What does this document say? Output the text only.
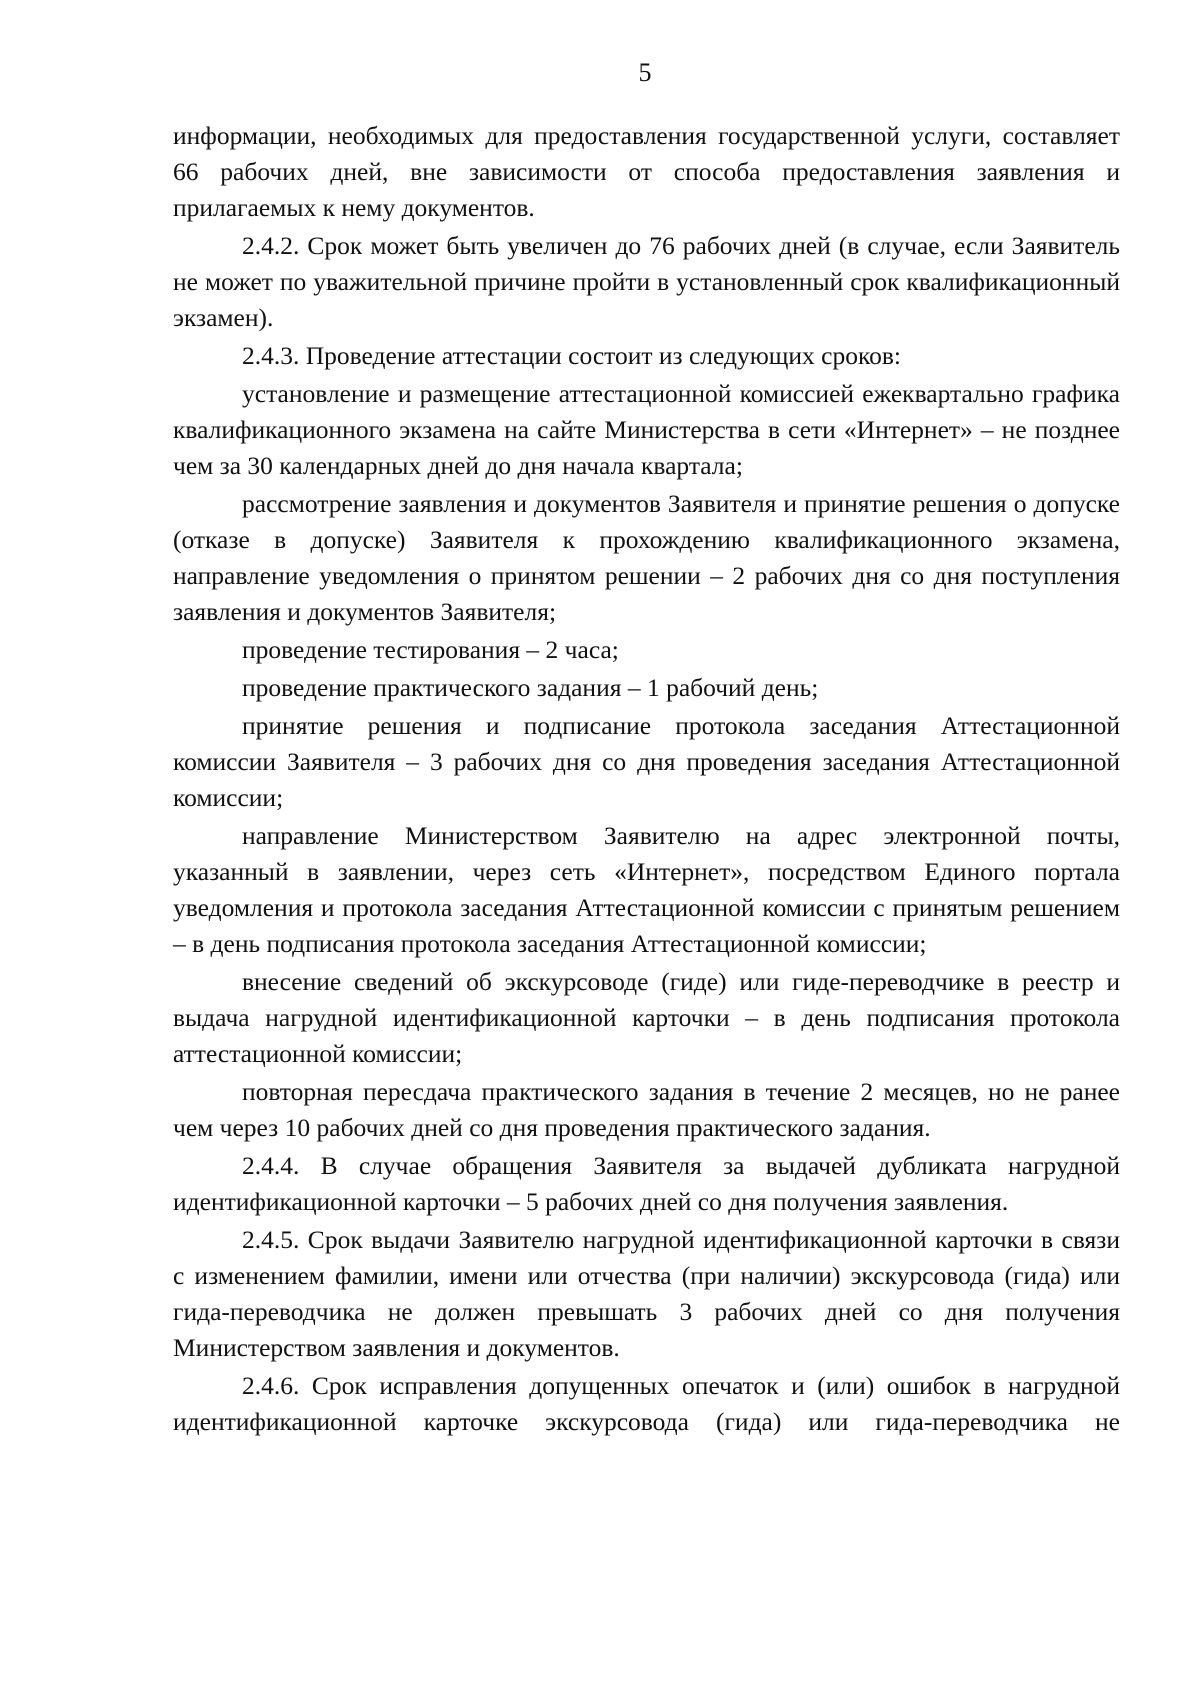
5

информации, необходимых для предоставления государственной услуги, составляет 66 рабочих дней, вне зависимости от способа предоставления заявления и прилагаемых к нему документов.

2.4.2. Срок может быть увеличен до 76 рабочих дней (в случае, если Заявитель не может по уважительной причине пройти в установленный срок квалификационный экзамен).

2.4.3. Проведение аттестации состоит из следующих сроков:

установление и размещение аттестационной комиссией ежеквартально графика квалификационного экзамена на сайте Министерства в сети «Интернет» – не позднее чем за 30 календарных дней до дня начала квартала;

рассмотрение заявления и документов Заявителя и принятие решения о допуске (отказе в допуске) Заявителя к прохождению квалификационного экзамена, направление уведомления о принятом решении – 2 рабочих дня со дня поступления заявления и документов Заявителя;

проведение тестирования – 2 часа;

проведение практического задания – 1 рабочий день;

принятие решения и подписание протокола заседания Аттестационной комиссии Заявителя – 3 рабочих дня со дня проведения заседания Аттестационной комиссии;

направление Министерством Заявителю на адрес электронной почты, указанный в заявлении, через сеть «Интернет», посредством Единого портала уведомления и протокола заседания Аттестационной комиссии с принятым решением – в день подписания протокола заседания Аттестационной комиссии;

внесение сведений об экскурсоводе (гиде) или гиде-переводчике в реестр и выдача нагрудной идентификационной карточки – в день подписания протокола аттестационной комиссии;

повторная пересдача практического задания в течение 2 месяцев, но не ранее чем через 10 рабочих дней со дня проведения практического задания.

2.4.4. В случае обращения Заявителя за выдачей дубликата нагрудной идентификационной карточки – 5 рабочих дней со дня получения заявления.

2.4.5. Срок выдачи Заявителю нагрудной идентификационной карточки в связи с изменением фамилии, имени или отчества (при наличии) экскурсовода (гида) или гида-переводчика не должен превышать 3 рабочих дней со дня получения Министерством заявления и документов.

2.4.6. Срок исправления допущенных опечаток и (или) ошибок в нагрудной идентификационной карточке экскурсовода (гида) или гида-переводчика не
